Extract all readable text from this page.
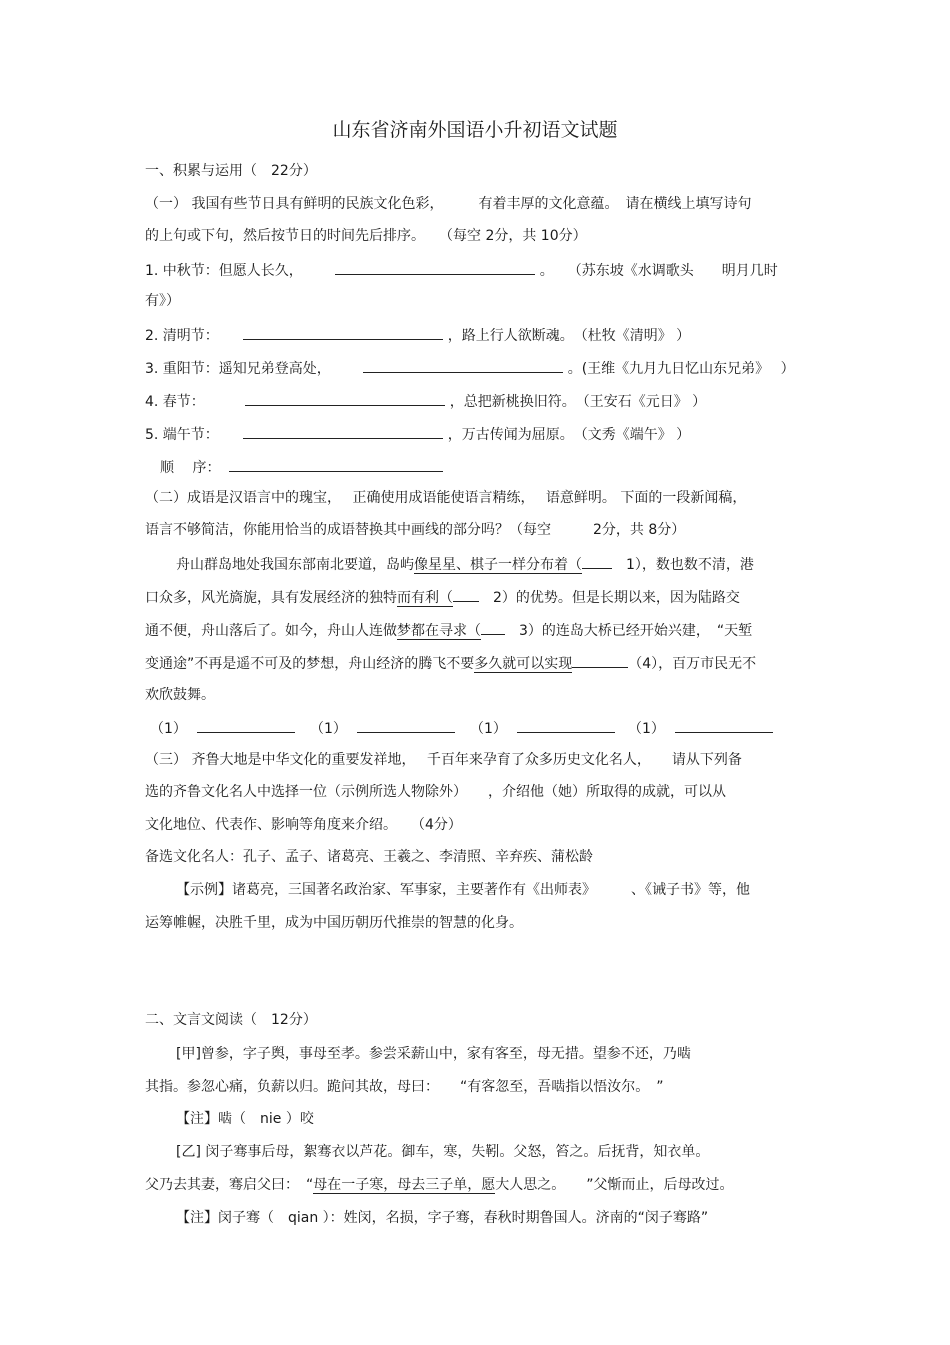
山东省济南外国语小升初语文试题
一、积累与运用（　22分）
（一） 我国有些节日具有鲜明的民族文化色彩，　　　有着丰厚的文化意蕴。　请在横线上填写诗句
的上句或下句，然后按节日的时间先后排序。　　（每空 2分，共 10分）
1. 中秋节：但愿人长久，	。　　（苏东坡《水调歌头　　明月几时
有》）
2. 清明节：	，路上行人欲断魂。　（杜牧《清明》 ）
3. 重阳节：遥知兄弟登高处，	。(王维《九月九日忆山东兄弟》　 ）
4. 春节：	，总把新桃换旧符。　（王安石《元日》 ）
5. 端午节：	，万古传闻为屈原。　（文秀《端午》 ）
顺　 序：
（二）成语是汉语言中的瑰宝，　 正确使用成语能使语言精练，　 语意鲜明。 下面的一段新闻稿，
语言不够简洁，你能用恰当的成语替换其中画线的部分吗？（每空　　　2分，共 8分）
舟山群岛地处我国东部南北要道，岛屿像星星、棋子一样分布着（　1），数也数不清，港
口众多，风光旖旎，具有发展经济的独特而有利（　2）的优势。但是长期以来，因为陆路交
通不便，舟山落后了。如今，舟山人连做梦都在寻求（　3）的连岛大桥已经开始兴建，　“天堑
变通途”不再是遥不可及的梦想，舟山经济的腾飞不要多久就可以实现	（4），百万市民无不
欢欣鼓舞。
（1）	（1）	（1）	（1）
（三） 齐鲁大地是中华文化的重要发祥地，　 千百年来孕育了众多历史文化名人，　　请从下列备
选的齐鲁文化名人中选择一位（示例所选人物除外）　　，介绍他（她）所取得的成就，可以从
文化地位、代表作、影响等角度来介绍。　　（4分）
备选文化名人：孔子、孟子、诸葛亮、王羲之、李清照、辛弃疾、蒲松龄
【示例】诸葛亮，三国著名政治家、军事家，主要著作有《出师表》　　　、《诫子书》等，他
运筹帷幄，决胜千里，成为中国历朝历代推崇的智慧的化身。
二、文言文阅读（　12分）
[甲]曾参，字子舆，事母至孝。参尝采薪山中，家有客至，母无措。望参不还，乃啮
其指。参忽心痛，负薪以归。跪问其故，母曰：　　“有客忽至，吾啮指以悟汝尔。　”
【注】啮（　nie ）咬
[乙] 闵子骞事后母，絮骞衣以芦花。御车，寒，失靷。父怒，笞之。后抚背，知衣单。
父乃去其妻，骞启父曰：　“母在一子寒，母去三子单，愿大人思之。　　”父惭而止，后母改过。
【注】闵子骞（　qian ）：姓闵，名损，字子骞，春秋时期鲁国人。济南的“闵子骞路”
